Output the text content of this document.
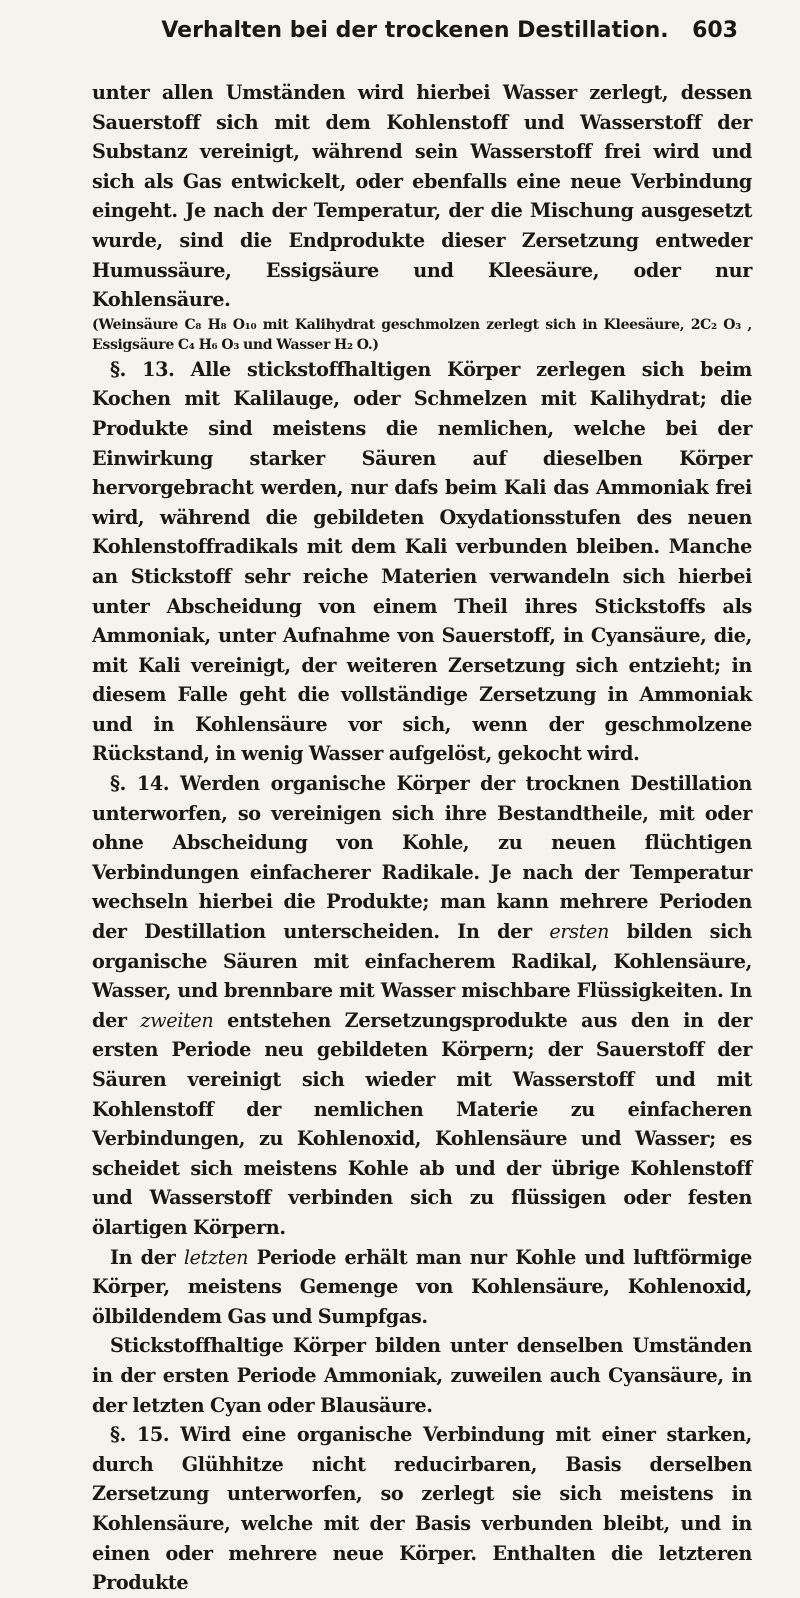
Verhalten bei der trockenen Destillation.	603

unter allen Umständen wird hierbei Wasser zerlegt, dessen Sauerstoff sich mit dem Kohlenstoff und Wasserstoff der Substanz vereinigt, während sein Wasserstoff frei wird und sich als Gas entwickelt, oder ebenfalls eine neue Verbindung eingeht. Je nach der Temperatur, der die Mischung ausgesetzt wurde, sind die Endprodukte dieser Zersetzung entweder Humussäure, Essigsäure und Kleesäure, oder nur Kohlensäure.

(Weinsäure C₈ H₈ O₁₀ mit Kalihydrat geschmolzen zerlegt sich in Kleesäure, 2C₂ O₃ , Essigsäure C₄ H₆ O₃ und Wasser H₂ O.)

§. 13. Alle stickstoffhaltigen Körper zerlegen sich beim Kochen mit Kalilauge, oder Schmelzen mit Kalihydrat; die Produkte sind meistens die nemlichen, welche bei der Einwirkung starker Säuren auf dieselben Körper hervorgebracht werden, nur dafs beim Kali das Ammoniak frei wird, während die gebildeten Oxydationsstufen des neuen Kohlenstoffradikals mit dem Kali verbunden bleiben. Manche an Stickstoff sehr reiche Materien verwandeln sich hierbei unter Abscheidung von einem Theil ihres Stickstoffs als Ammoniak, unter Aufnahme von Sauerstoff, in Cyansäure, die, mit Kali vereinigt, der weiteren Zersetzung sich entzieht; in diesem Falle geht die vollständige Zersetzung in Ammoniak und in Kohlensäure vor sich, wenn der geschmolzene Rückstand, in wenig Wasser aufgelöst, gekocht wird.

§. 14. Werden organische Körper der trocknen Destillation unterworfen, so vereinigen sich ihre Bestandtheile, mit oder ohne Abscheidung von Kohle, zu neuen flüchtigen Verbindungen einfacherer Radikale. Je nach der Temperatur wechseln hierbei die Produkte; man kann mehrere Perioden der Destillation unterscheiden. In der ersten bilden sich organische Säuren mit einfacherem Radikal, Kohlensäure, Wasser, und brennbare mit Wasser mischbare Flüssigkeiten. In der zweiten entstehen Zersetzungsprodukte aus den in der ersten Periode neu gebildeten Körpern; der Sauerstoff der Säuren vereinigt sich wieder mit Wasserstoff und mit Kohlenstoff der nemlichen Materie zu einfacheren Verbindungen, zu Kohlenoxid, Kohlensäure und Wasser; es scheidet sich meistens Kohle ab und der übrige Kohlenstoff und Wasserstoff verbinden sich zu flüssigen oder festen ölartigen Körpern.

In der letzten Periode erhält man nur Kohle und luftförmige Körper, meistens Gemenge von Kohlensäure, Kohlenoxid, ölbildendem Gas und Sumpfgas.

Stickstoffhaltige Körper bilden unter denselben Umständen in der ersten Periode Ammoniak, zuweilen auch Cyansäure, in der letzten Cyan oder Blausäure.

§. 15. Wird eine organische Verbindung mit einer starken, durch Glühhitze nicht reducirbaren, Basis derselben Zersetzung unterworfen, so zerlegt sie sich meistens in Kohlensäure, welche mit der Basis verbunden bleibt, und in einen oder mehrere neue Körper. Enthalten die letzteren Produkte
